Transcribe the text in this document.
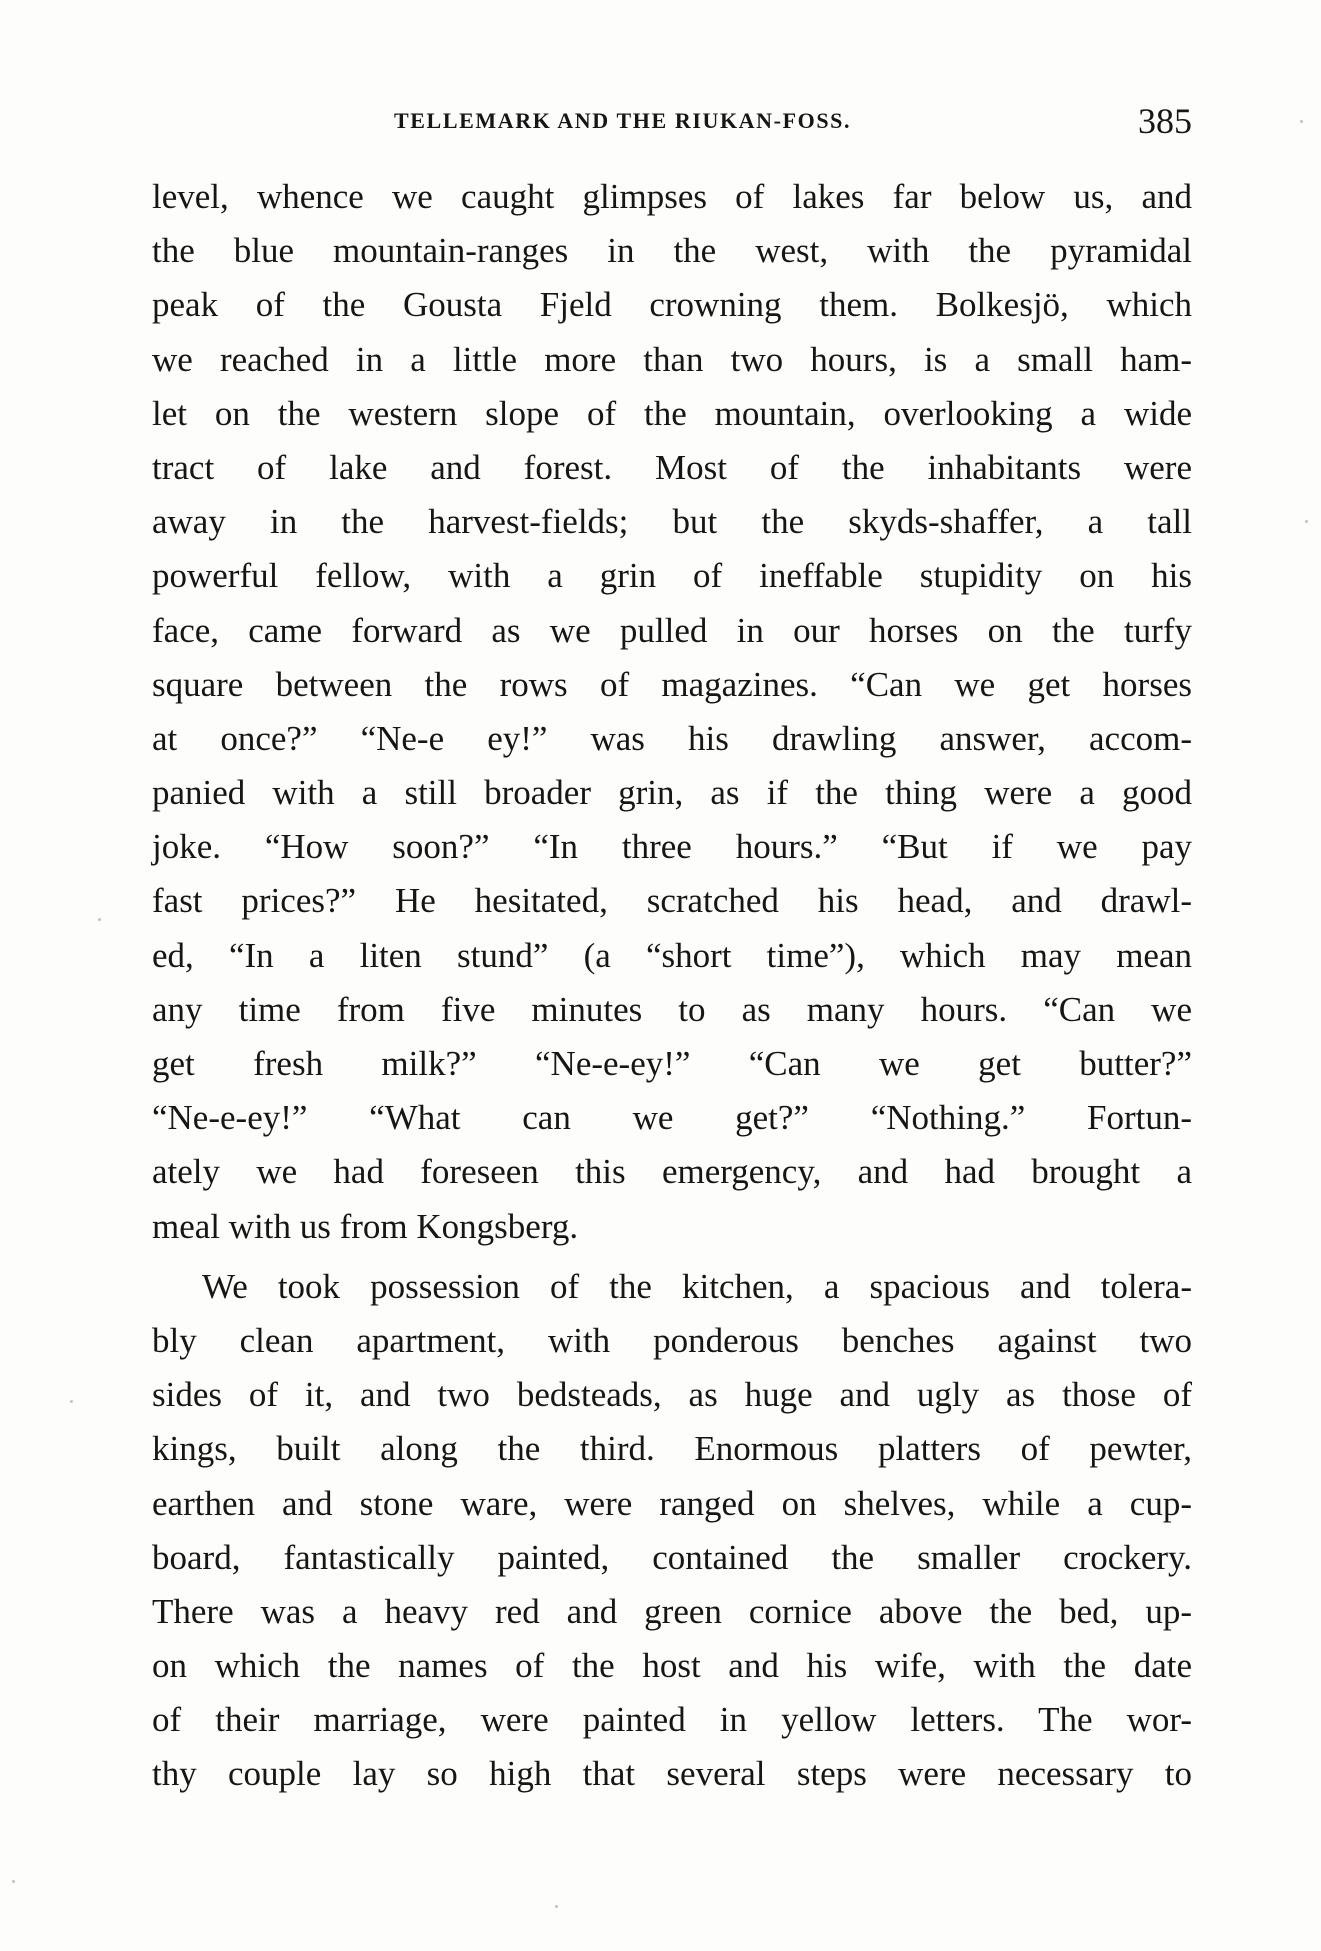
TELLEMARK AND THE RIUKAN-FOSS.	385
level, whence we caught glimpses of lakes far below us, and
the blue mountain-ranges in the west, with the pyramidal
peak of the Gousta Fjeld crowning them. Bolkesjö, which
we reached in a little more than two hours, is a small ham-
let on the western slope of the mountain, overlooking a wide
tract of lake and forest. Most of the inhabitants were
away in the harvest-fields; but the skyds-shaffer, a tall
powerful fellow, with a grin of ineffable stupidity on his
face, came forward as we pulled in our horses on the turfy
square between the rows of magazines. “Can we get horses
at once?” “Ne-e ey!” was his drawling answer, accom-
panied with a still broader grin, as if the thing were a good
joke. “How soon?” “In three hours.” “But if we pay
fast prices?” He hesitated, scratched his head, and drawl-
ed, “In a liten stund” (a “short time”), which may mean
any time from five minutes to as many hours. “Can we
get fresh milk?” “Ne-e-ey!” “Can we get butter?”
“Ne-e-ey!” “What can we get?” “Nothing.” Fortun-
ately we had foreseen this emergency, and had brought a
meal with us from Kongsberg.
We took possession of the kitchen, a spacious and tolera-
bly clean apartment, with ponderous benches against two
sides of it, and two bedsteads, as huge and ugly as those of
kings, built along the third. Enormous platters of pewter,
earthen and stone ware, were ranged on shelves, while a cup-
board, fantastically painted, contained the smaller crockery.
There was a heavy red and green cornice above the bed, up-
on which the names of the host and his wife, with the date
of their marriage, were painted in yellow letters. The wor-
thy couple lay so high that several steps were necessary to
